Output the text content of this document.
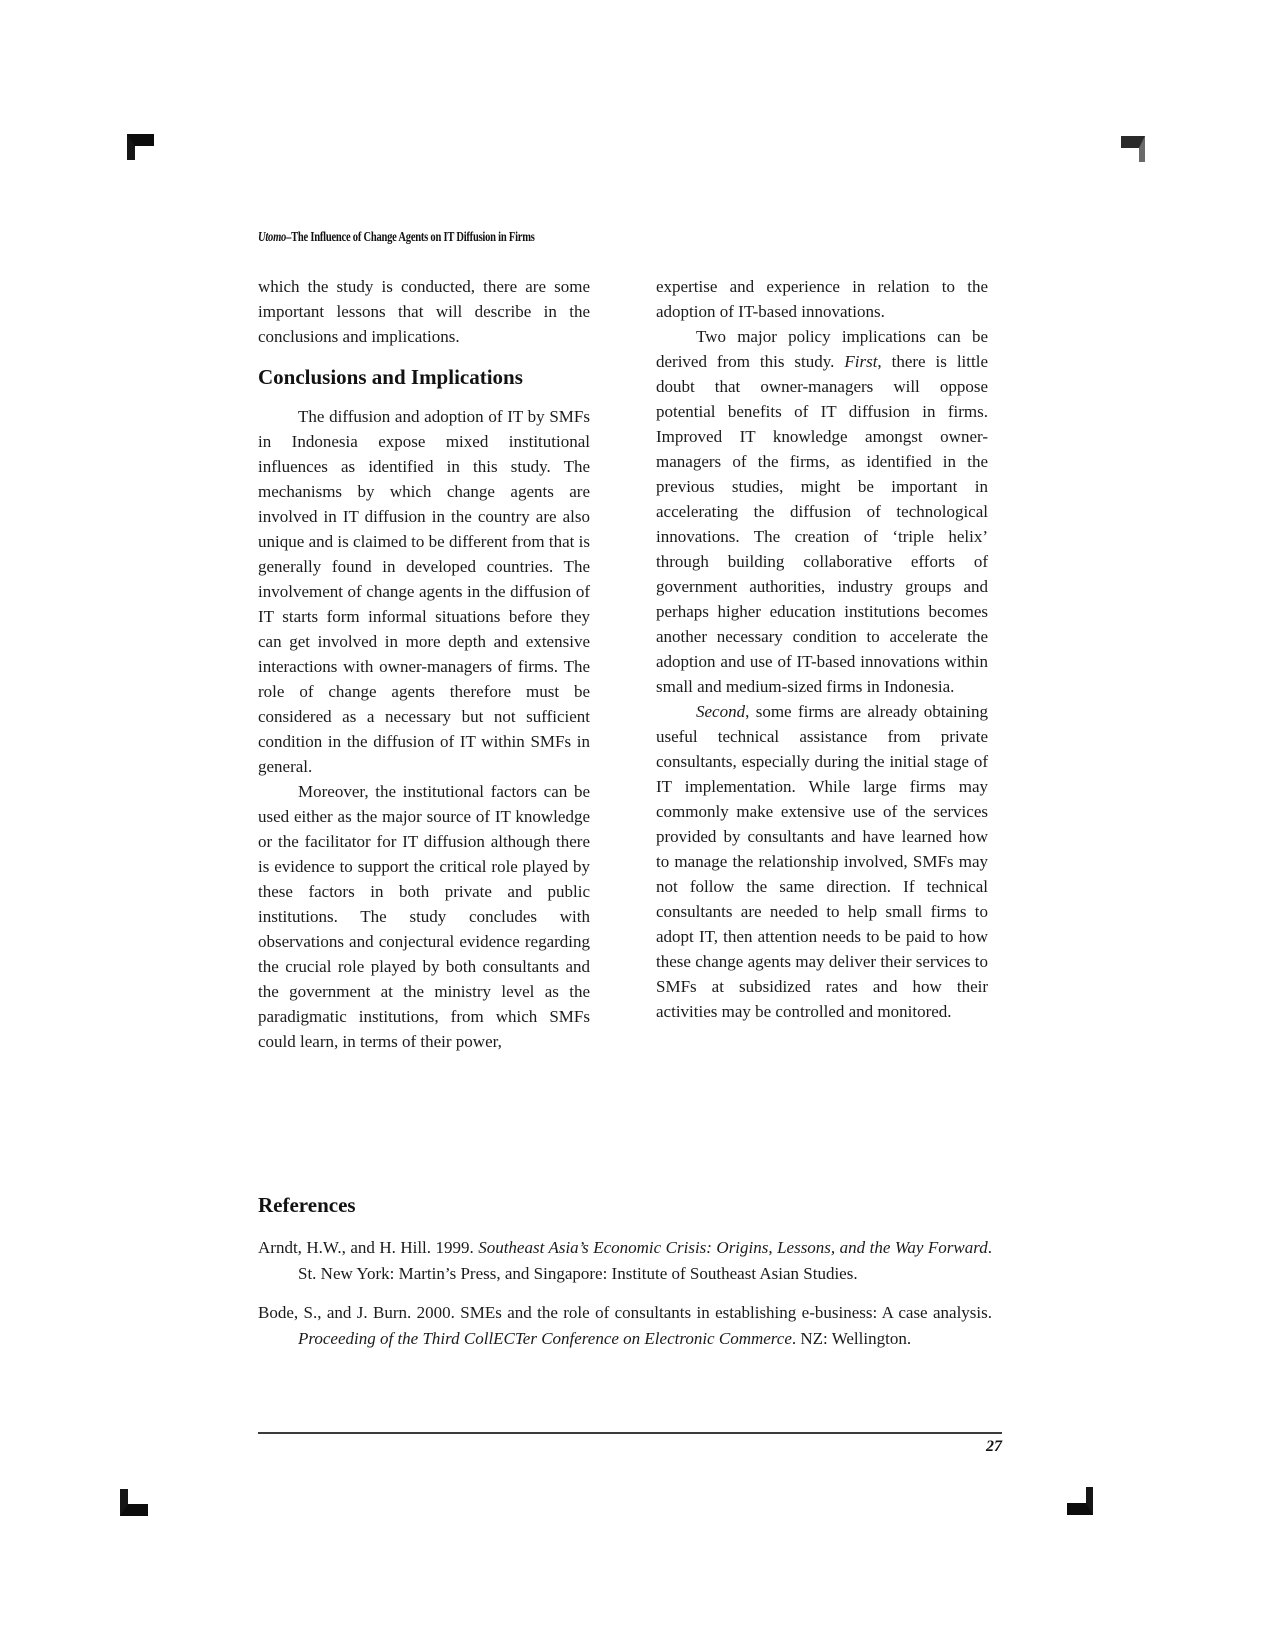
Utomo–The Influence of Change Agents on IT Diffusion in Firms

which the study is conducted, there are some important lessons that will describe in the conclusions and implications.

Conclusions and Implications

The diffusion and adoption of IT by SMFs in Indonesia expose mixed institutional influences as identified in this study. The mechanisms by which change agents are involved in IT diffusion in the country are also unique and is claimed to be different from that is generally found in developed countries. The involvement of change agents in the diffusion of IT starts form informal situations before they can get involved in more depth and extensive interactions with owner-managers of firms. The role of change agents therefore must be considered as a necessary but not sufficient condition in the diffusion of IT within SMFs in general.

Moreover, the institutional factors can be used either as the major source of IT knowledge or the facilitator for IT diffusion although there is evidence to support the critical role played by these factors in both private and public institutions. The study concludes with observations and conjectural evidence regarding the crucial role played by both consultants and the government at the ministry level as the paradigmatic institutions, from which SMFs could learn, in terms of their power,

expertise and experience in relation to the adoption of IT-based innovations.

Two major policy implications can be derived from this study. First, there is little doubt that owner-managers will oppose potential benefits of IT diffusion in firms. Improved IT knowledge amongst owner-managers of the firms, as identified in the previous studies, might be important in accelerating the diffusion of technological innovations. The creation of ‘triple helix’ through building collaborative efforts of government authorities, industry groups and perhaps higher education institutions becomes another necessary condition to accelerate the adoption and use of IT-based innovations within small and medium-sized firms in Indonesia.

Second, some firms are already obtaining useful technical assistance from private consultants, especially during the initial stage of IT implementation. While large firms may commonly make extensive use of the services provided by consultants and have learned how to manage the relationship involved, SMFs may not follow the same direction. If technical consultants are needed to help small firms to adopt IT, then attention needs to be paid to how these change agents may deliver their services to SMFs at subsidized rates and how their activities may be controlled and monitored.

References

Arndt, H.W., and H. Hill. 1999. Southeast Asia’s Economic Crisis: Origins, Lessons, and the Way Forward. St. New York: Martin’s Press, and Singapore: Institute of Southeast Asian Studies.

Bode, S., and J. Burn. 2000. SMEs and the role of consultants in establishing e-business: A case analysis. Proceeding of the Third CollECTer Conference on Electronic Commerce. NZ: Wellington.

27
